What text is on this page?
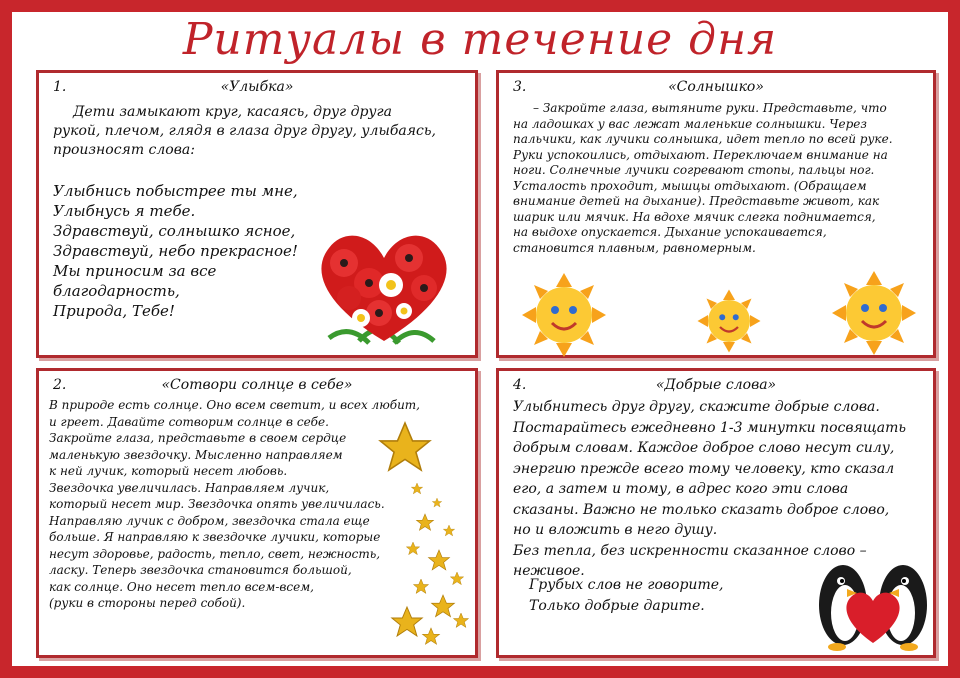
Ритуалы в течение дня
1.	«Улыбка»
Дети замыкают круг, касаясь, друг друга
рукой, плечом, глядя в глаза друг другу, улыбаясь,
произносят слова:
Улыбнись побыстрее ты мне,
Улыбнусь я тебе.
Здравствуй, солнышко ясное,
Здравствуй, небо прекрасное!
Мы приносим за все
благодарность,
Природа, Тебе!
3.	«Солнышко»
– Закройте глаза, вытяните руки. Представьте, что
на ладошках у вас лежат маленькие солнышки. Через
пальчики, как лучики солнышка, идет тепло по всей руке.
Руки успокоились, отдыхают. Переключаем внимание на
ноги. Солнечные лучики согревают стопы, пальцы ног.
Усталость проходит, мышцы отдыхают. (Обращаем
внимание детей на дыхание). Представьте живот, как
шарик или мячик. На вдохе мячик слегка поднимается,
на выдохе опускается. Дыхание успокаивается,
становится плавным, равномерным.
2.	«Сотвори солнце в себе»
В природе есть солнце. Оно всем светит, и всех любит,
и греет. Давайте сотворим солнце в себе.
Закройте глаза, представьте в своем сердце
маленькую звездочку. Мысленно направляем
к ней лучик, который несет любовь.
Звездочка увеличилась. Направляем лучик,
который несет мир. Звездочка опять увеличилась.
Направляю лучик с добром, звездочка стала еще
больше. Я направляю к звездочке лучики, которые
несут здоровье, радость, тепло, свет, нежность,
ласку. Теперь звездочка становится большой,
как солнце. Оно несет тепло всем-всем,
(руки в стороны перед собой).
4.	«Добрые слова»
Улыбнитесь друг другу, скажите добрые слова.
Постарайтесь ежедневно 1-3 минутки посвящать
добрым словам. Каждое доброе слово несут силу,
энергию прежде всего тому человеку, кто сказал
его, а затем и тому, в адрес кого эти слова
сказаны. Важно не только сказать доброе слово,
но и вложить в него душу.
Без тепла, без искренности сказанное слово –
неживое.
Грубых слов не говорите,
Только добрые дарите.
